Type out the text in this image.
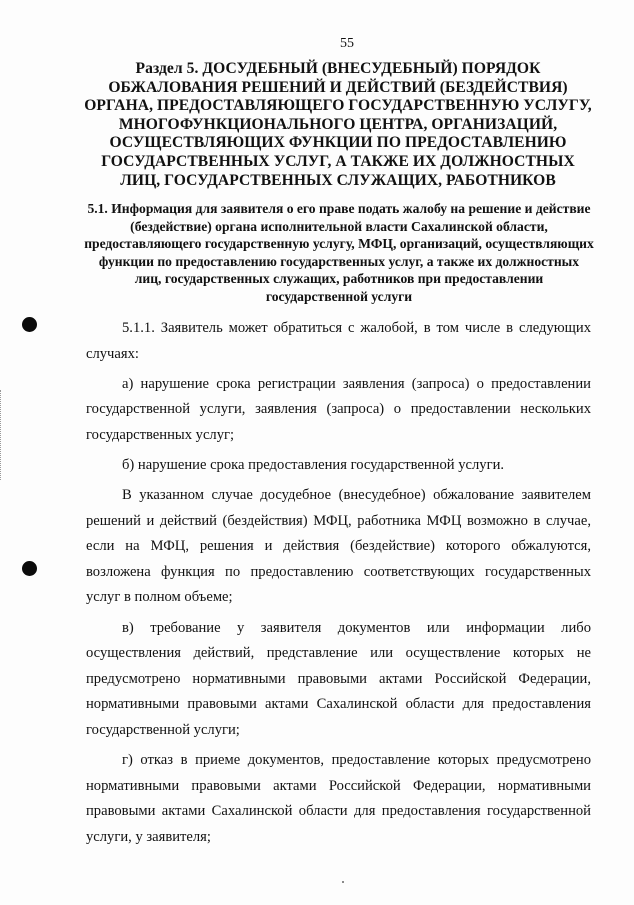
55
Раздел 5. ДОСУДЕБНЫЙ (ВНЕСУДЕБНЫЙ) ПОРЯДОК ОБЖАЛОВАНИЯ РЕШЕНИЙ И ДЕЙСТВИЙ (БЕЗДЕЙСТВИЯ) ОРГАНА, ПРЕДОСТАВЛЯЮЩЕГО ГОСУДАРСТВЕННУЮ УСЛУГУ, МНОГОФУНКЦИОНАЛЬНОГО ЦЕНТРА, ОРГАНИЗАЦИЙ, ОСУЩЕСТВЛЯЮЩИХ ФУНКЦИИ ПО ПРЕДОСТАВЛЕНИЮ ГОСУДАРСТВЕННЫХ УСЛУГ, А ТАКЖЕ ИХ ДОЛЖНОСТНЫХ ЛИЦ, ГОСУДАРСТВЕННЫХ СЛУЖАЩИХ, РАБОТНИКОВ
5.1. Информация для заявителя о его праве подать жалобу на решение и действие (бездействие) органа исполнительной власти Сахалинской области, предоставляющего государственную услугу, МФЦ, организаций, осуществляющих функции по предоставлению государственных услуг, а также их должностных лиц, государственных служащих, работников при предоставлении государственной услуги

5.1.1. Заявитель может обратиться с жалобой, в том числе в следующих случаях:

а) нарушение срока регистрации заявления (запроса) о предоставлении государственной услуги, заявления (запроса) о предоставлении нескольких государственных услуг;

б) нарушение срока предоставления государственной услуги.

В указанном случае досудебное (внесудебное) обжалование заявителем решений и действий (бездействия) МФЦ, работника МФЦ возможно в случае, если на МФЦ, решения и действия (бездействие) которого обжалуются, возложена функция по предоставлению соответствующих государственных услуг в полном объеме;

в) требование у заявителя документов или информации либо осуществления действий, представление или осуществление которых не предусмотрено нормативными правовыми актами Российской Федерации, нормативными правовыми актами Сахалинской области для предоставления государственной услуги;

г) отказ в приеме документов, предоставление которых предусмотрено нормативными правовыми актами Российской Федерации, нормативными правовыми актами Сахалинской области для предоставления государственной услуги, у заявителя;
